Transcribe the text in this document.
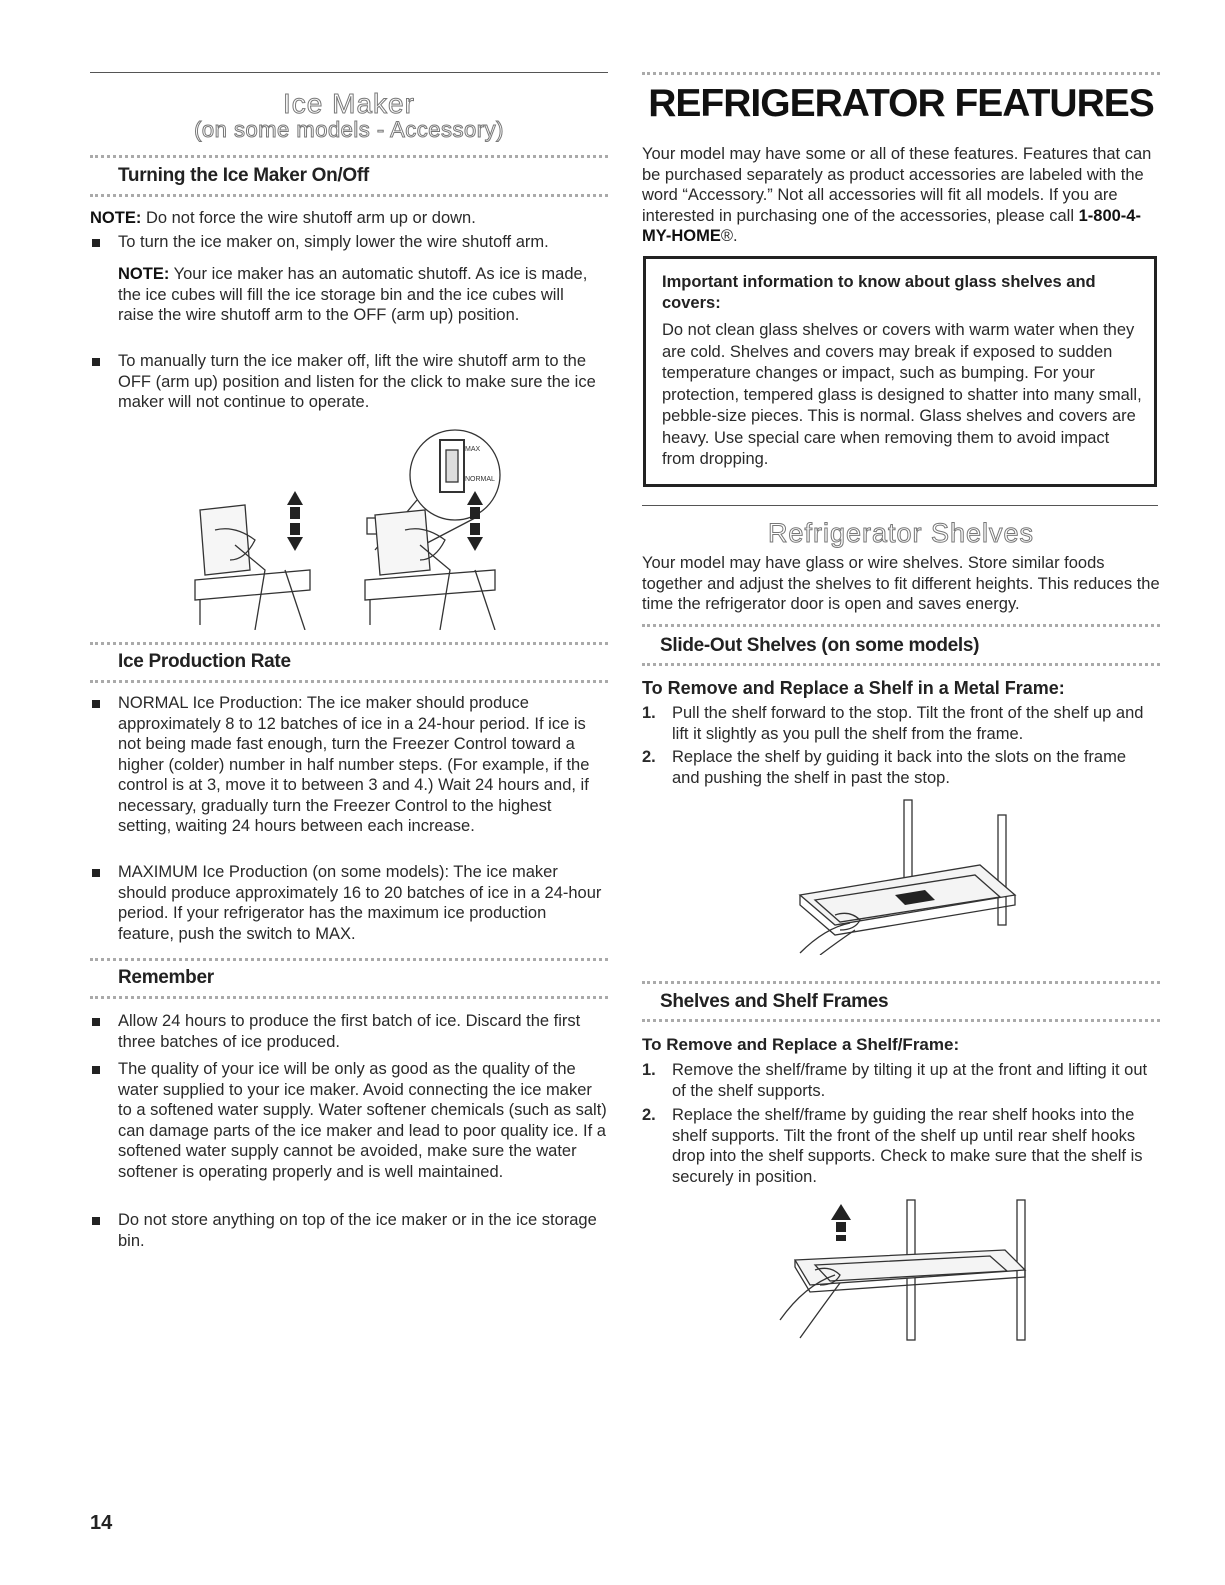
Ice Maker
(on some models - Accessory)
Turning the Ice Maker On/Off
NOTE: Do not force the wire shutoff arm up or down.
To turn the ice maker on, simply lower the wire shutoff arm.
NOTE: Your ice maker has an automatic shutoff. As ice is made, the ice cubes will fill the ice storage bin and the ice cubes will raise the wire shutoff arm to the OFF (arm up) position.
To manually turn the ice maker off, lift the wire shutoff arm to the OFF (arm up) position and listen for the click to make sure the ice maker will not continue to operate.
MAX
NORMAL
Ice Production Rate
NORMAL Ice Production: The ice maker should produce approximately 8 to 12 batches of ice in a 24-hour period. If ice is not being made fast enough, turn the Freezer Control toward a higher (colder) number in half number steps. (For example, if the control is at 3, move it to between 3 and 4.) Wait 24 hours and, if necessary, gradually turn the Freezer Control to the highest setting, waiting 24 hours between each increase.
MAXIMUM Ice Production (on some models): The ice maker should produce approximately 16 to 20 batches of ice in a 24-hour period. If your refrigerator has the maximum ice production feature, push the switch to MAX.
Remember
Allow 24 hours to produce the first batch of ice. Discard the first three batches of ice produced.
The quality of your ice will be only as good as the quality of the water supplied to your ice maker. Avoid connecting the ice maker to a softened water supply. Water softener chemicals (such as salt) can damage parts of the ice maker and lead to poor quality ice. If a softened water supply cannot be avoided, make sure the water softener is operating properly and is well maintained.
Do not store anything on top of the ice maker or in the ice storage bin.
14
REFRIGERATOR FEATURES
Your model may have some or all of these features. Features that can be purchased separately as product accessories are labeled with the word “Accessory.” Not all accessories will fit all models. If you are interested in purchasing one of the accessories, please call 1-800-4-MY-HOME®.
Important information to know about glass shelves and covers:
Do not clean glass shelves or covers with warm water when they are cold. Shelves and covers may break if exposed to sudden temperature changes or impact, such as bumping. For your protection, tempered glass is designed to shatter into many small, pebble-size pieces. This is normal. Glass shelves and covers are heavy. Use special care when removing them to avoid impact from dropping.
Refrigerator Shelves
Your model may have glass or wire shelves. Store similar foods together and adjust the shelves to fit different heights. This reduces the time the refrigerator door is open and saves energy.
Slide-Out Shelves (on some models)
To Remove and Replace a Shelf in a Metal Frame:
1. Pull the shelf forward to the stop. Tilt the front of the shelf up and lift it slightly as you pull the shelf from the frame.
2. Replace the shelf by guiding it back into the slots on the frame and pushing the shelf in past the stop.
Shelves and Shelf Frames
To Remove and Replace a Shelf/Frame:
1. Remove the shelf/frame by tilting it up at the front and lifting it out of the shelf supports.
2. Replace the shelf/frame by guiding the rear shelf hooks into the shelf supports. Tilt the front of the shelf up until rear shelf hooks drop into the shelf supports. Check to make sure that the shelf is securely in position.
